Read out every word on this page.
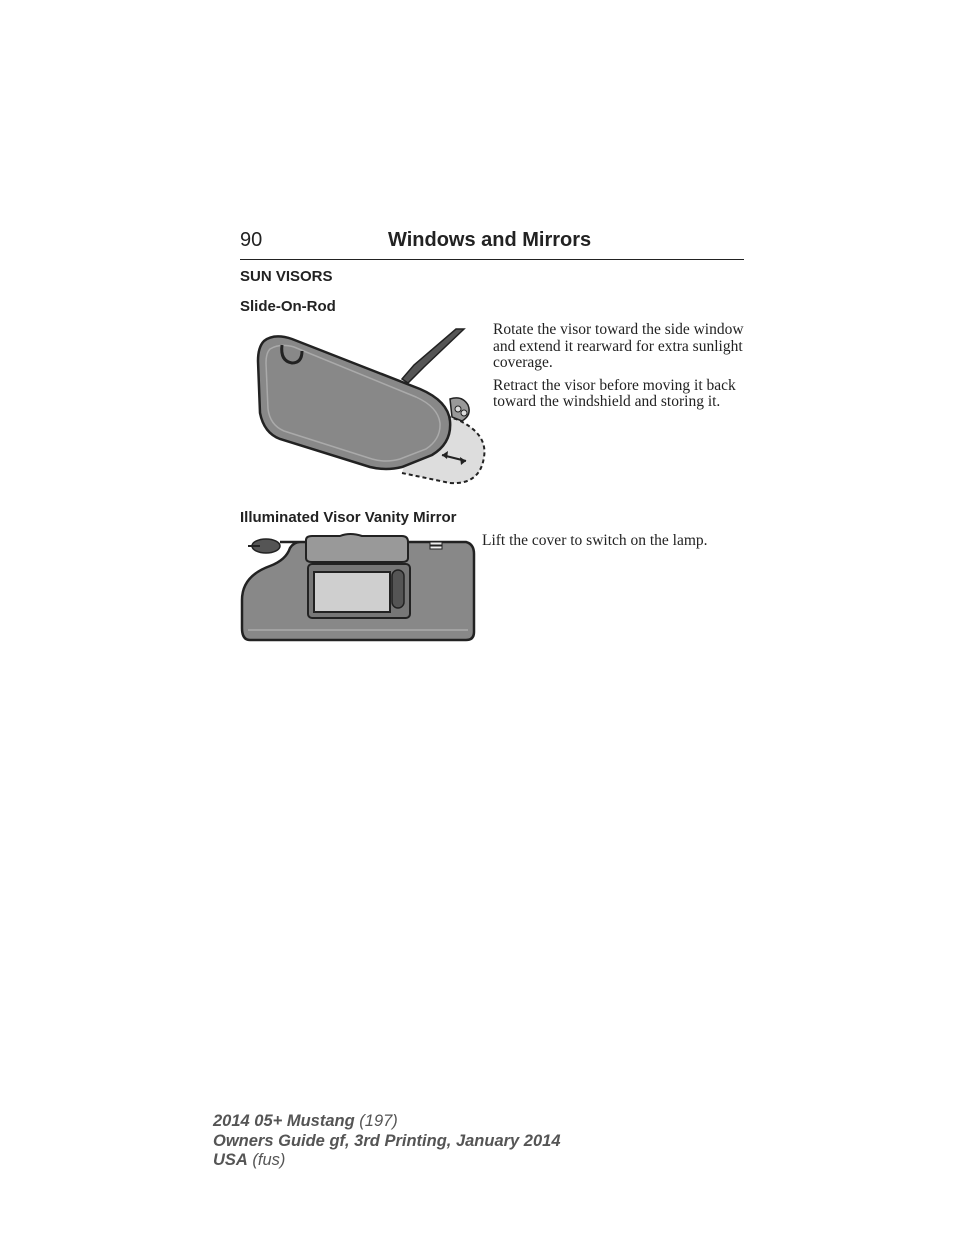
90	Windows and Mirrors
SUN VISORS
Slide-On-Rod

Rotate the visor toward the side window and extend it rearward for extra sunlight coverage.

Retract the visor before moving it back toward the windshield and storing it.

Illuminated Visor Vanity Mirror

Lift the cover to switch on the lamp.

2014 05+ Mustang (197)
Owners Guide gf, 3rd Printing, January 2014
USA (fus)
